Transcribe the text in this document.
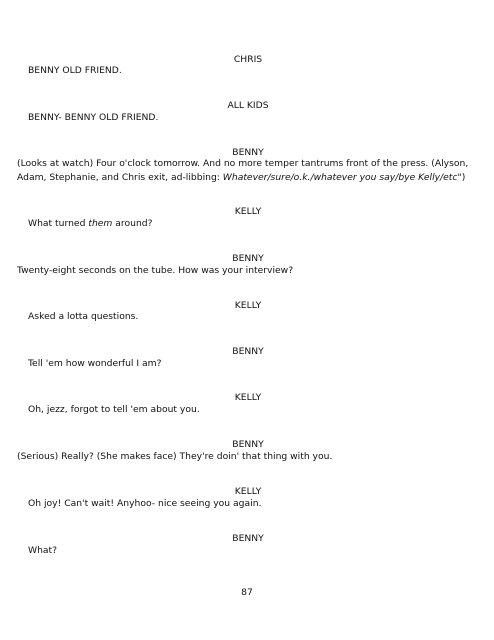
CHRIS
BENNY OLD FRIEND.
ALL KIDS
BENNY- BENNY OLD FRIEND.
BENNY
(Looks at watch) Four o'clock tomorrow. And no more temper tantrums front of the press. (Alyson, Adam, Stephanie, and Chris exit, ad-libbing: Whatever/sure/o.k./whatever you say/bye Kelly/etc")
KELLY
What turned them around?
BENNY
Twenty-eight seconds on the tube. How was your interview?
KELLY
Asked a lotta questions.
BENNY
Tell 'em how wonderful I am?
KELLY
Oh, jezz, forgot to tell 'em about you.
BENNY
(Serious) Really? (She makes face) They're doin' that thing with you.
KELLY
Oh joy! Can't wait! Anyhoo- nice seeing you again.
BENNY
What?
87
